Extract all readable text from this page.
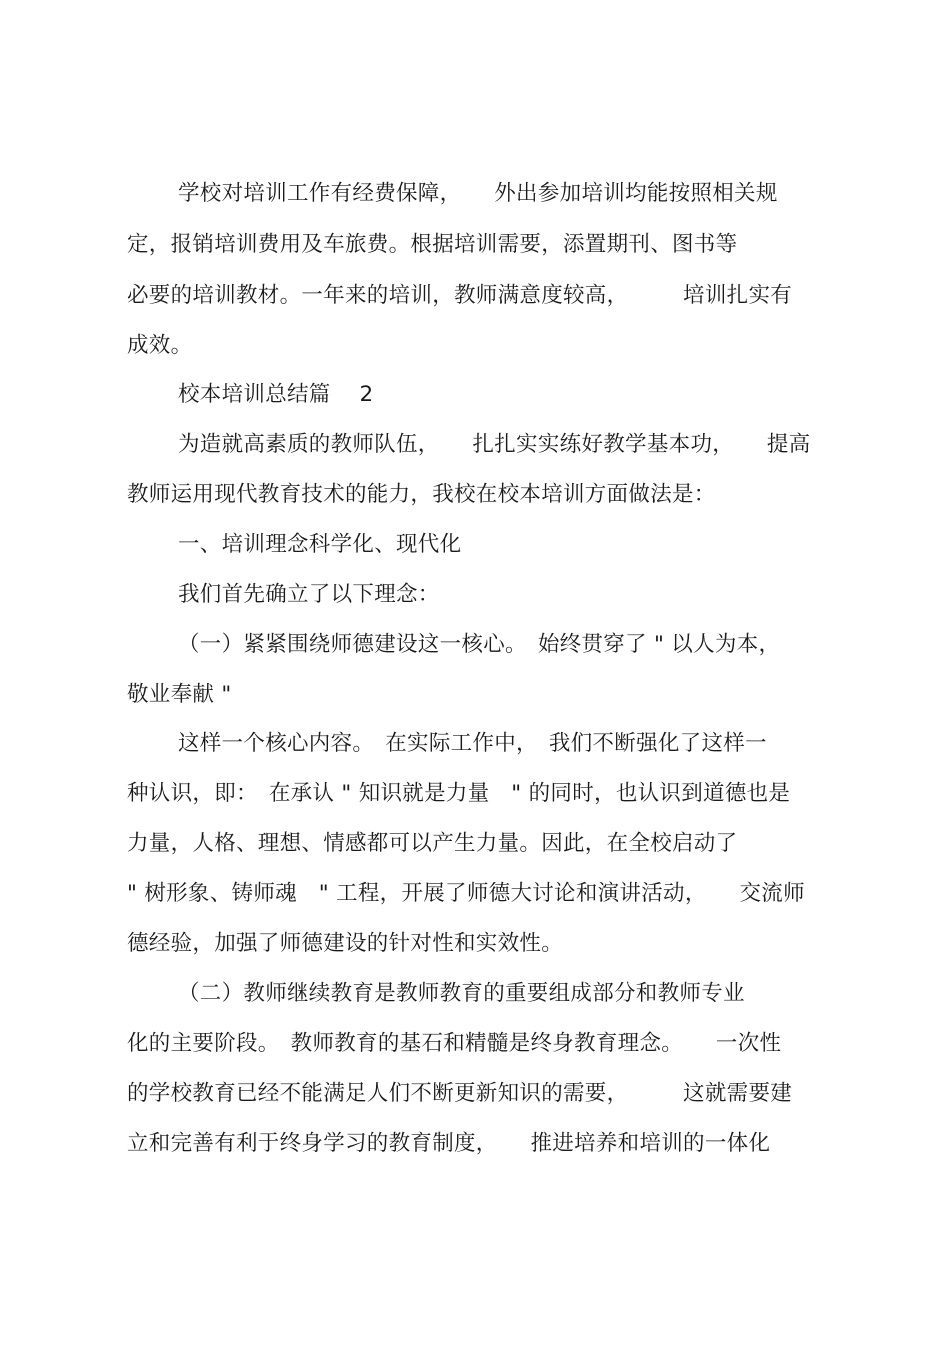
学校对培训工作有经费保障，　　外出参加培训均能按照相关规
定，报销培训费用及车旅费。根据培训需要，添置期刊、图书等
必要的培训教材。一年来的培训，教师满意度较高，　　　培训扎实有
成效。
校本培训总结篇　 2
为造就高素质的教师队伍，　　扎扎实实练好教学基本功，　　提高
教师运用现代教育技术的能力，我校在校本培训方面做法是：
一、培训理念科学化、现代化
我们首先确立了以下理念：
（一）紧紧围绕师德建设这一核心。　始终贯穿了 " 以人为本，
敬业奉献 "
这样一个核心内容。　在实际工作中，　我们不断强化了这样一
种认识，即：　在承认 " 知识就是力量　" 的同时，也认识到道德也是
力量，人格、理想、情感都可以产生力量。因此，在全校启动了
" 树形象、铸师魂　" 工程，开展了师德大讨论和演讲活动，　　交流师
德经验，加强了师德建设的针对性和实效性。
（二）教师继续教育是教师教育的重要组成部分和教师专业
化的主要阶段。　教师教育的基石和精髓是终身教育理念。　　一次性
的学校教育已经不能满足人们不断更新知识的需要，　　　这就需要建
立和完善有利于终身学习的教育制度，　　推进培养和培训的一体化
